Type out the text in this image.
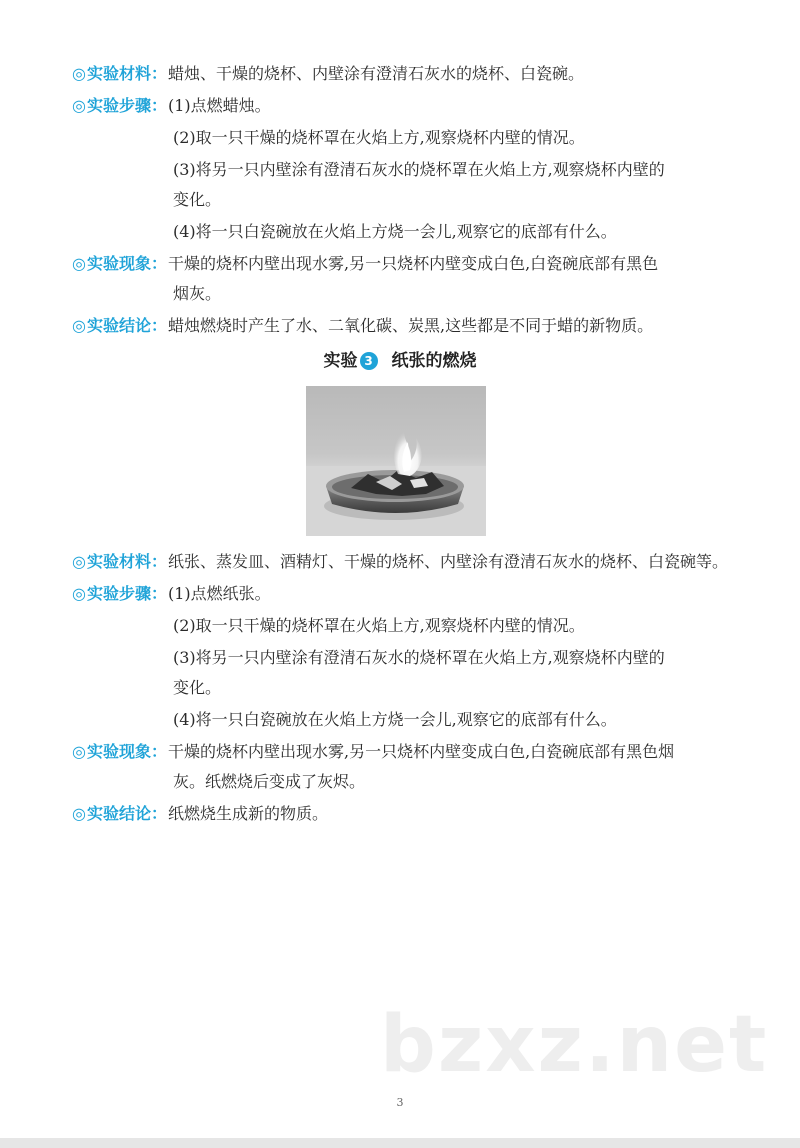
◎实验材料：蜡烛、干燥的烧杯、内壁涂有澄清石灰水的烧杯、白瓷碗。
◎实验步骤：(1)点燃蜡烛。
(2)取一只干燥的烧杯罩在火焰上方,观察烧杯内壁的情况。
(3)将另一只内壁涂有澄清石灰水的烧杯罩在火焰上方,观察烧杯内壁的
变化。
(4)将一只白瓷碗放在火焰上方烧一会儿,观察它的底部有什么。
◎实验现象：干燥的烧杯内壁出现水雾,另一只烧杯内壁变成白色,白瓷碗底部有黑色
烟灰。
◎实验结论：蜡烛燃烧时产生了水、二氧化碳、炭黑,这些都是不同于蜡的新物质。
实验 3 纸张的燃烧
◎实验材料：纸张、蒸发皿、酒精灯、干燥的烧杯、内壁涂有澄清石灰水的烧杯、白瓷碗等。
◎实验步骤：(1)点燃纸张。
(2)取一只干燥的烧杯罩在火焰上方,观察烧杯内壁的情况。
(3)将另一只内壁涂有澄清石灰水的烧杯罩在火焰上方,观察烧杯内壁的
变化。
(4)将一只白瓷碗放在火焰上方烧一会儿,观察它的底部有什么。
◎实验现象：干燥的烧杯内壁出现水雾,另一只烧杯内壁变成白色,白瓷碗底部有黑色烟
灰。纸燃烧后变成了灰烬。
◎实验结论：纸燃烧生成新的物质。
bzxz.net
3
